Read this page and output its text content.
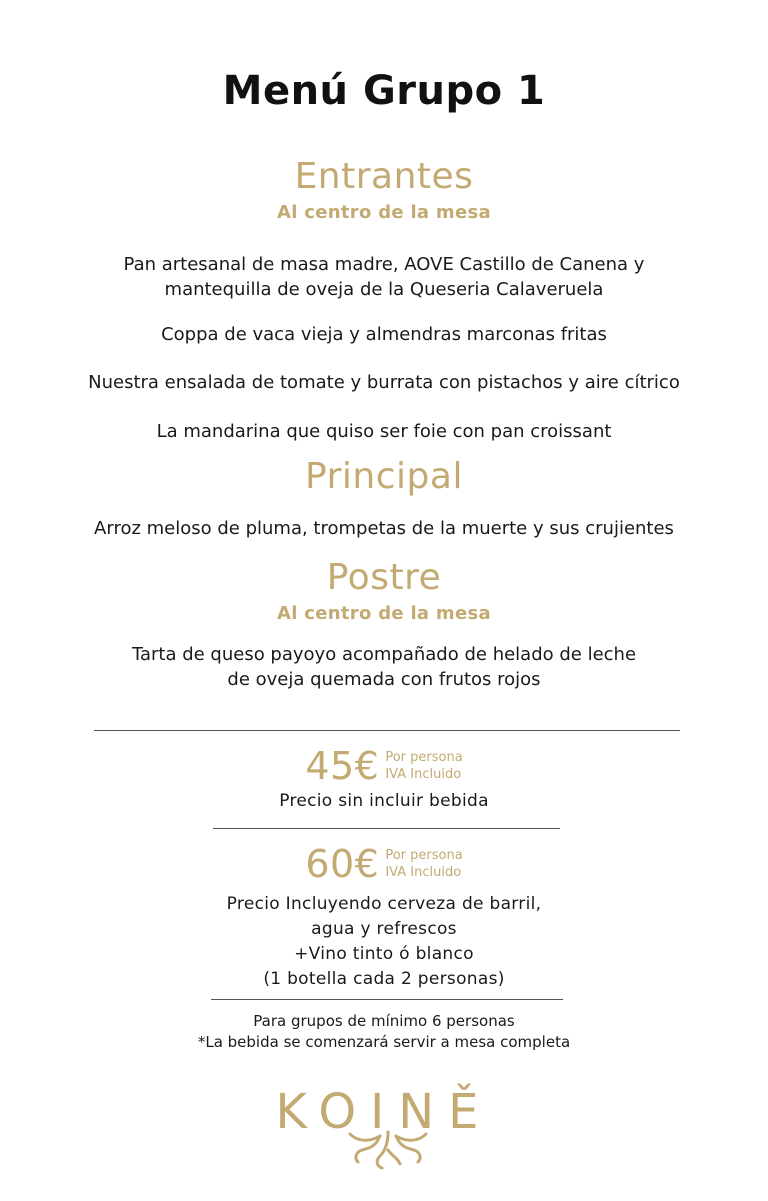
Menú Grupo 1
Entrantes
Al centro de la mesa
Pan artesanal de masa madre, AOVE Castillo de Canena y
mantequilla de oveja de la Queseria Calaveruela
Coppa de vaca vieja y almendras marconas fritas
Nuestra ensalada de tomate y burrata con pistachos y aire cítrico
La mandarina que quiso ser foie con pan croissant
Principal
Arroz meloso de pluma, trompetas de la muerte y sus crujientes
Postre
Al centro de la mesa
Tarta de queso payoyo acompañado de helado de leche
de oveja quemada con frutos rojos
45€ Por persona
IVA Incluido
Precio sin incluir bebida
60€ Por persona
IVA Incluido
Precio Incluyendo cerveza de barril,
agua y refrescos
+Vino tinto ó blanco
(1 botella cada 2 personas)
Para grupos de mínimo 6 personas
*La bebida se comenzará servir a mesa completa
KOINĚ
